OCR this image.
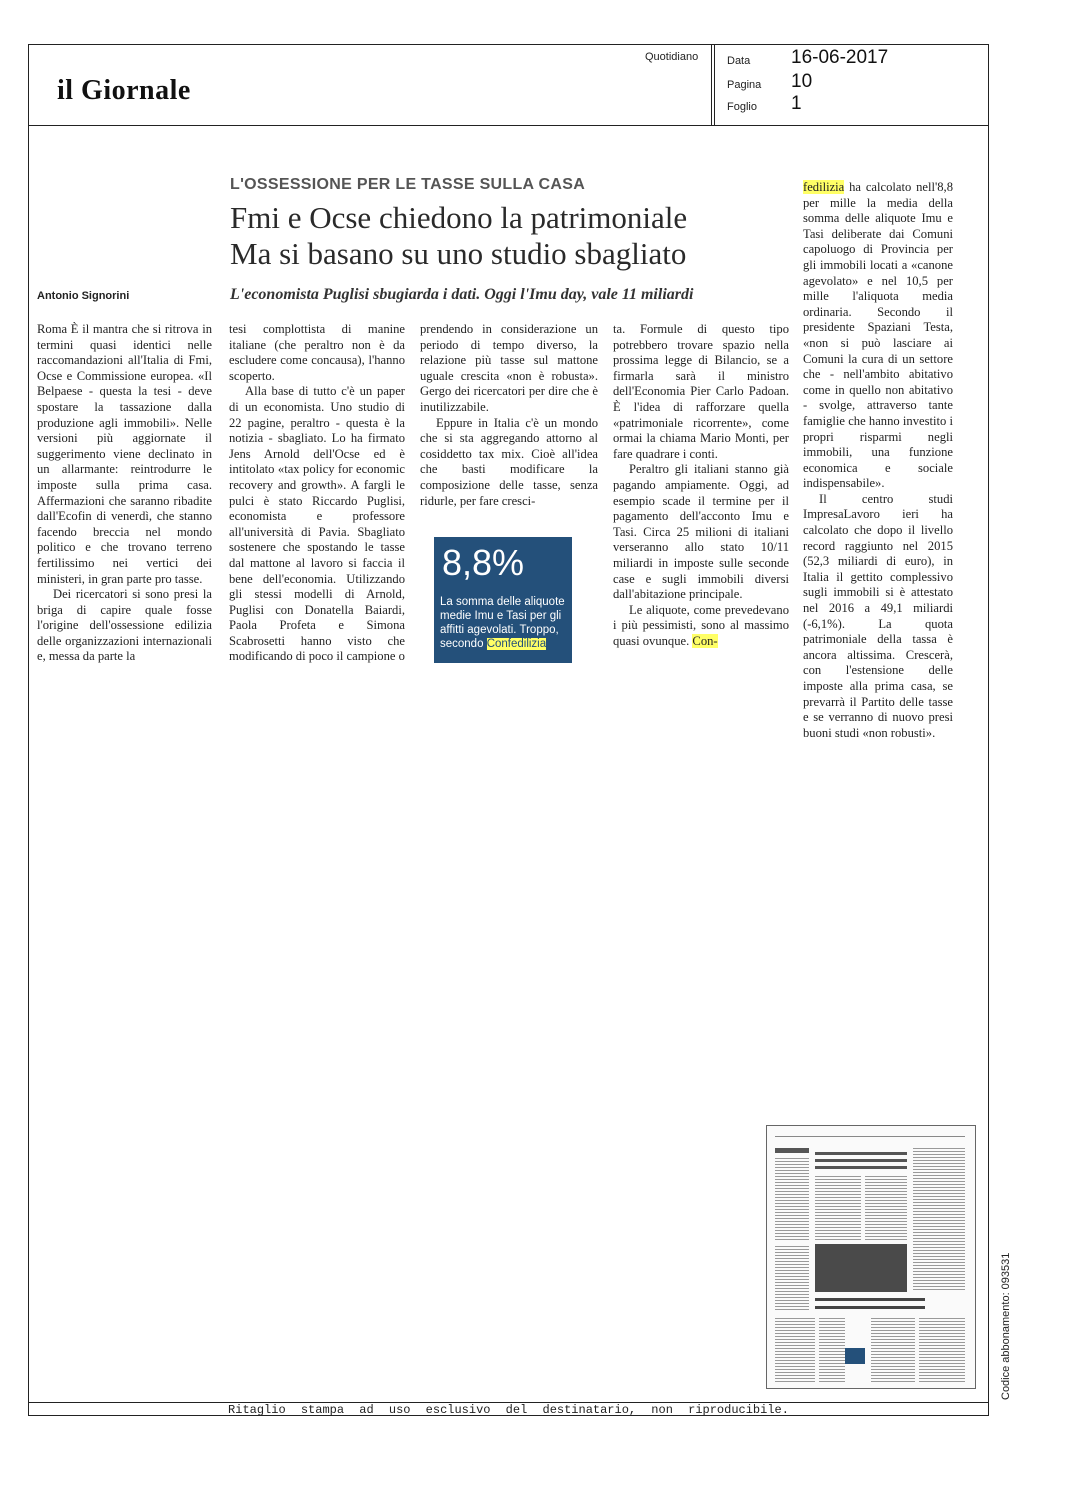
il Giornale
Quotidiano	Data 16-06-2017
Pagina 10
Foglio 1
L'OSSESSIONE PER LE TASSE SULLA CASA
Fmi e Ocse chiedono la patrimoniale
Ma si basano su uno studio sbagliato
L'economista Puglisi sbugiarda i dati. Oggi l'Imu day, vale 11 miliardi
Antonio Signorini

Roma È il mantra che si ritrova in termini quasi identici nelle raccomandazioni all'Italia di Fmi, Ocse e Commissione europea. «Il Belpaese - questa la tesi - deve spostare la tassazione dalla produzione agli immobili». Nelle versioni più aggiornate il suggerimento viene declinato in un allarmante: reintrodurre le imposte sulla prima casa. Affermazioni che saranno ribadite dall'Ecofin di venerdì, che stanno facendo breccia nel mondo politico e che trovano terreno fertilissimo nei vertici dei ministeri, in gran parte pro tasse.

Dei ricercatori si sono presi la briga di capire quale fosse l'origine dell'ossessione edilizia delle organizzazioni internazionali e, messa da parte la

tesi complottista di manine italiane (che peraltro non è da escludere come concausa), l'hanno scoperto.

Alla base di tutto c'è un paper di un economista. Uno studio di 22 pagine, peraltro - questa è la notizia - sbagliato. Lo ha firmato Jens Arnold dell'Ocse ed è intitolato «tax policy for economic recovery and growth». A fargli le pulci è stato Riccardo Puglisi, economista e professore all'università di Pavia. Sbagliato sostenere che spostando le tasse dal mattone al lavoro si faccia il bene dell'economia. Utilizzando gli stessi modelli di Arnold, Puglisi con Donatella Baiardi, Paola Profeta e Simona Scabrosetti hanno visto che modificando di poco il campione o

prendendo in considerazione un periodo di tempo diverso, la relazione più tasse sul mattone uguale crescita «non è robusta». Gergo dei ricercatori per dire che è inutilizzabile.

Eppure in Italia c'è un mondo che si sta aggregando attorno al cosiddetto tax mix. Cioè all'idea che basti modificare la composizione delle tasse, senza ridurle, per fare cresci-

ta. Formule di questo tipo potrebbero trovare spazio nella prossima legge di Bilancio, se a firmarla sarà il ministro dell'Economia Pier Carlo Padoan. È l'idea di rafforzare quella «patrimoniale ricorrente», come ormai la chiama Mario Monti, per fare quadrare i conti.

Peraltro gli italiani stanno già pagando ampiamente. Oggi, ad esempio scade il termine per il pagamento dell'acconto Imu e Tasi. Circa 25 milioni di italiani verseranno allo stato 10/11 miliardi in imposte sulle seconde case e sugli immobili diversi dall'abitazione principale.

Le aliquote, come prevedevano i più pessimisti, sono al massimo quasi ovunque. Con-

fedilizia ha calcolato nell'8,8 per mille la media della somma delle aliquote Imu e Tasi deliberate dai Comuni capoluogo di Provincia per gli immobili locati a «canone agevolato» e nel 10,5 per mille l'aliquota media ordinaria. Secondo il presidente Spaziani Testa, «non si può lasciare ai Comuni la cura di un settore che - nell'ambito abitativo come in quello non abitativo - svolge, attraverso tante famiglie che hanno investito i propri risparmi negli immobili, una funzione economica e sociale indispensabile».

Il centro studi ImpresaLavoro ieri ha calcolato che dopo il livello record raggiunto nel 2015 (52,3 miliardi di euro), in Italia il gettito complessivo sugli immobili si è attestato nel 2016 a 49,1 miliardi (-6,1%). La quota patrimoniale della tassa è ancora altissima. Crescerà, con l'estensione delle imposte alla prima casa, se prevarrà il Partito delle tasse e se verranno di nuovo presi buoni studi «non robusti».

8,8%
La somma delle aliquote medie Imu e Tasi per gli affitti agevolati. Troppo, secondo Confedilizia
Codice abbonamento: 093531
Ritaglio stampa ad uso esclusivo del destinatario, non riproducibile.
